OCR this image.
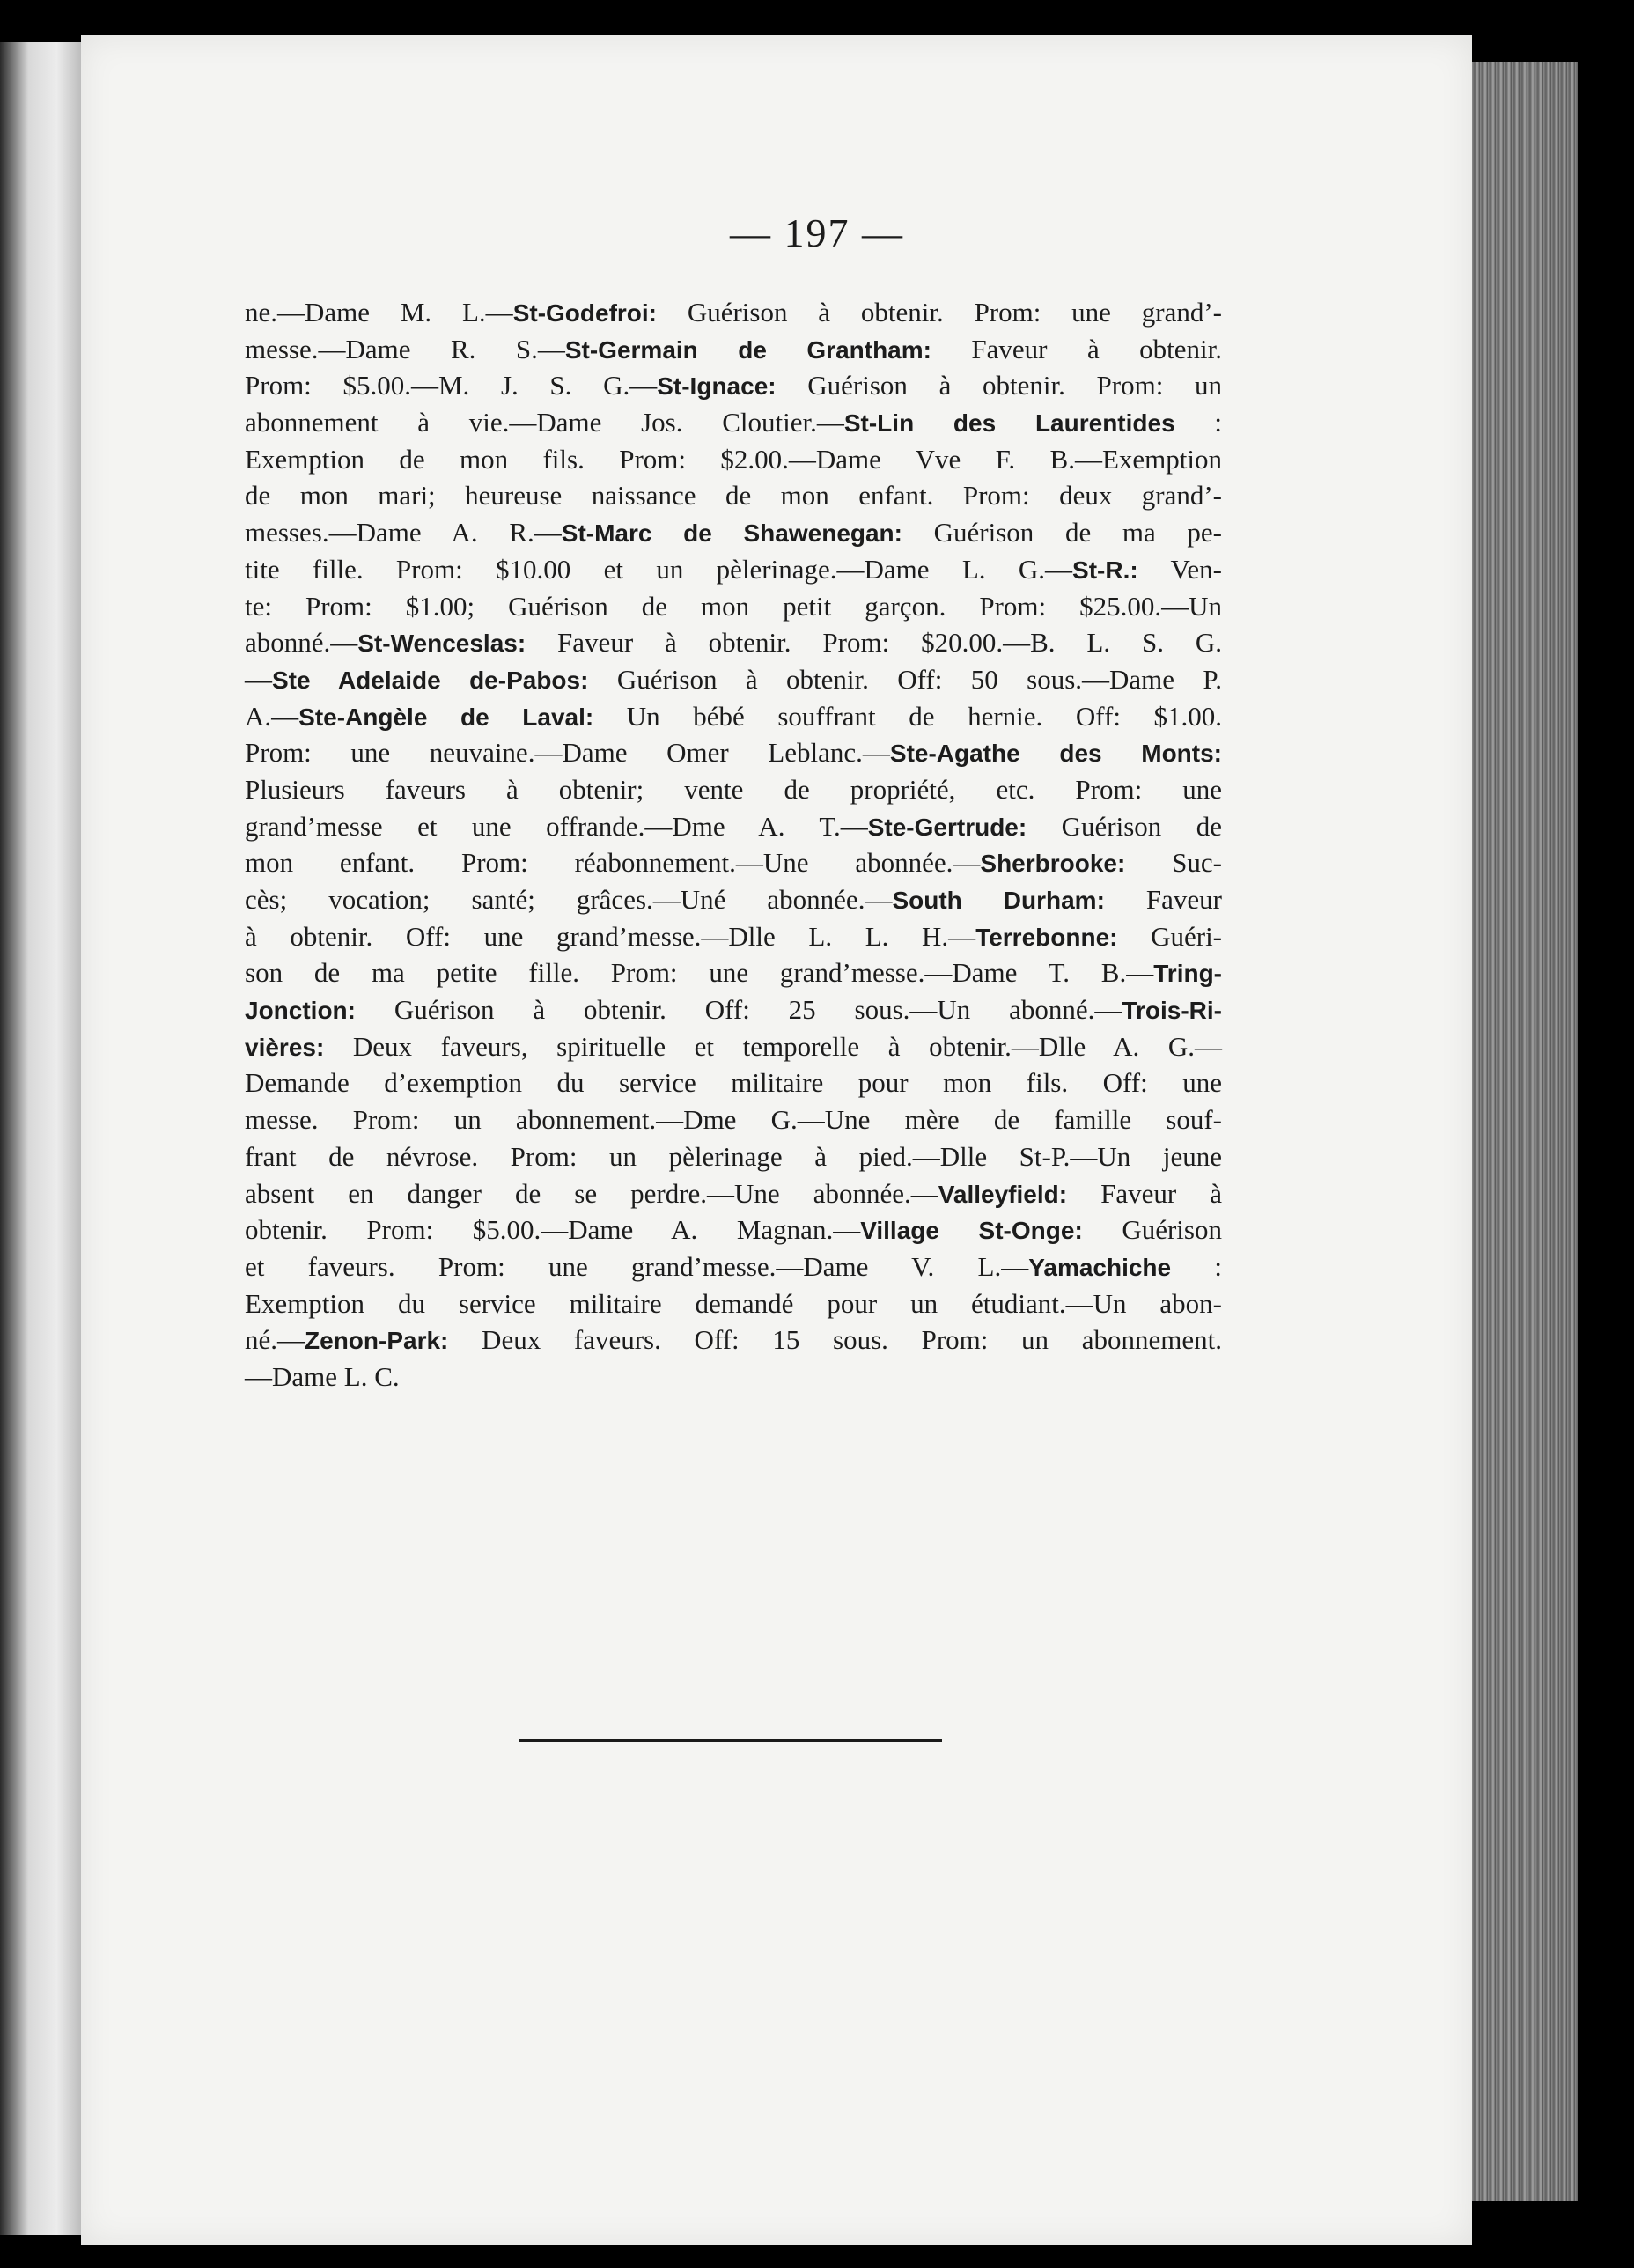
— 197 —
ne.—Dame M. L.—St-Godefroi: Guérison à obtenir. Prom: une grand’-
messe.—Dame R. S.—St-Germain de Grantham: Faveur à obtenir.
Prom: $5.00.—M. J. S. G.—St-Ignace: Guérison à obtenir. Prom: un
abonnement à vie.—Dame Jos. Cloutier.—St-Lin des Laurentides :
Exemption de mon fils. Prom: $2.00.—Dame Vve F. B.—Exemption
de mon mari; heureuse naissance de mon enfant. Prom: deux grand’-
messes.—Dame A. R.—St-Marc de Shawenegan: Guérison de ma pe-
tite fille. Prom: $10.00 et un pèlerinage.—Dame L. G.—St-R.: Ven-
te: Prom: $1.00; Guérison de mon petit garçon. Prom: $25.00.—Un
abonné.—St-Wenceslas: Faveur à obtenir. Prom: $20.00.—B. L. S. G.
—Ste Adelaide de-Pabos: Guérison à obtenir. Off: 50 sous.—Dame P.
A.—Ste-Angèle de Laval: Un bébé souffrant de hernie. Off: $1.00.
Prom: une neuvaine.—Dame Omer Leblanc.—Ste-Agathe des Monts:
Plusieurs faveurs à obtenir; vente de propriété, etc. Prom: une
grand’messe et une offrande.—Dme A. T.—Ste-Gertrude: Guérison de
mon enfant. Prom: réabonnement.—Une abonnée.—Sherbrooke: Suc-
cès; vocation; santé; grâces.—Uné abonnée.—South Durham: Faveur
à obtenir. Off: une grand’messe.—Dlle L. L. H.—Terrebonne: Guéri-
son de ma petite fille. Prom: une grand’messe.—Dame T. B.—Tring-
Jonction: Guérison à obtenir. Off: 25 sous.—Un abonné.—Trois-Ri-
vières: Deux faveurs, spirituelle et temporelle à obtenir.—Dlle A. G.—
Demande d’exemption du service militaire pour mon fils. Off: une
messe. Prom: un abonnement.—Dme G.—Une mère de famille souf-
frant de névrose. Prom: un pèlerinage à pied.—Dlle St-P.—Un jeune
absent en danger de se perdre.—Une abonnée.—Valleyfield: Faveur à
obtenir. Prom: $5.00.—Dame A. Magnan.—Village St-Onge: Guérison
et faveurs. Prom: une grand’messe.—Dame V. L.—Yamachiche :
Exemption du service militaire demandé pour un étudiant.—Un abon-
né.—Zenon-Park: Deux faveurs. Off: 15 sous. Prom: un abonnement.
—Dame L. C.
